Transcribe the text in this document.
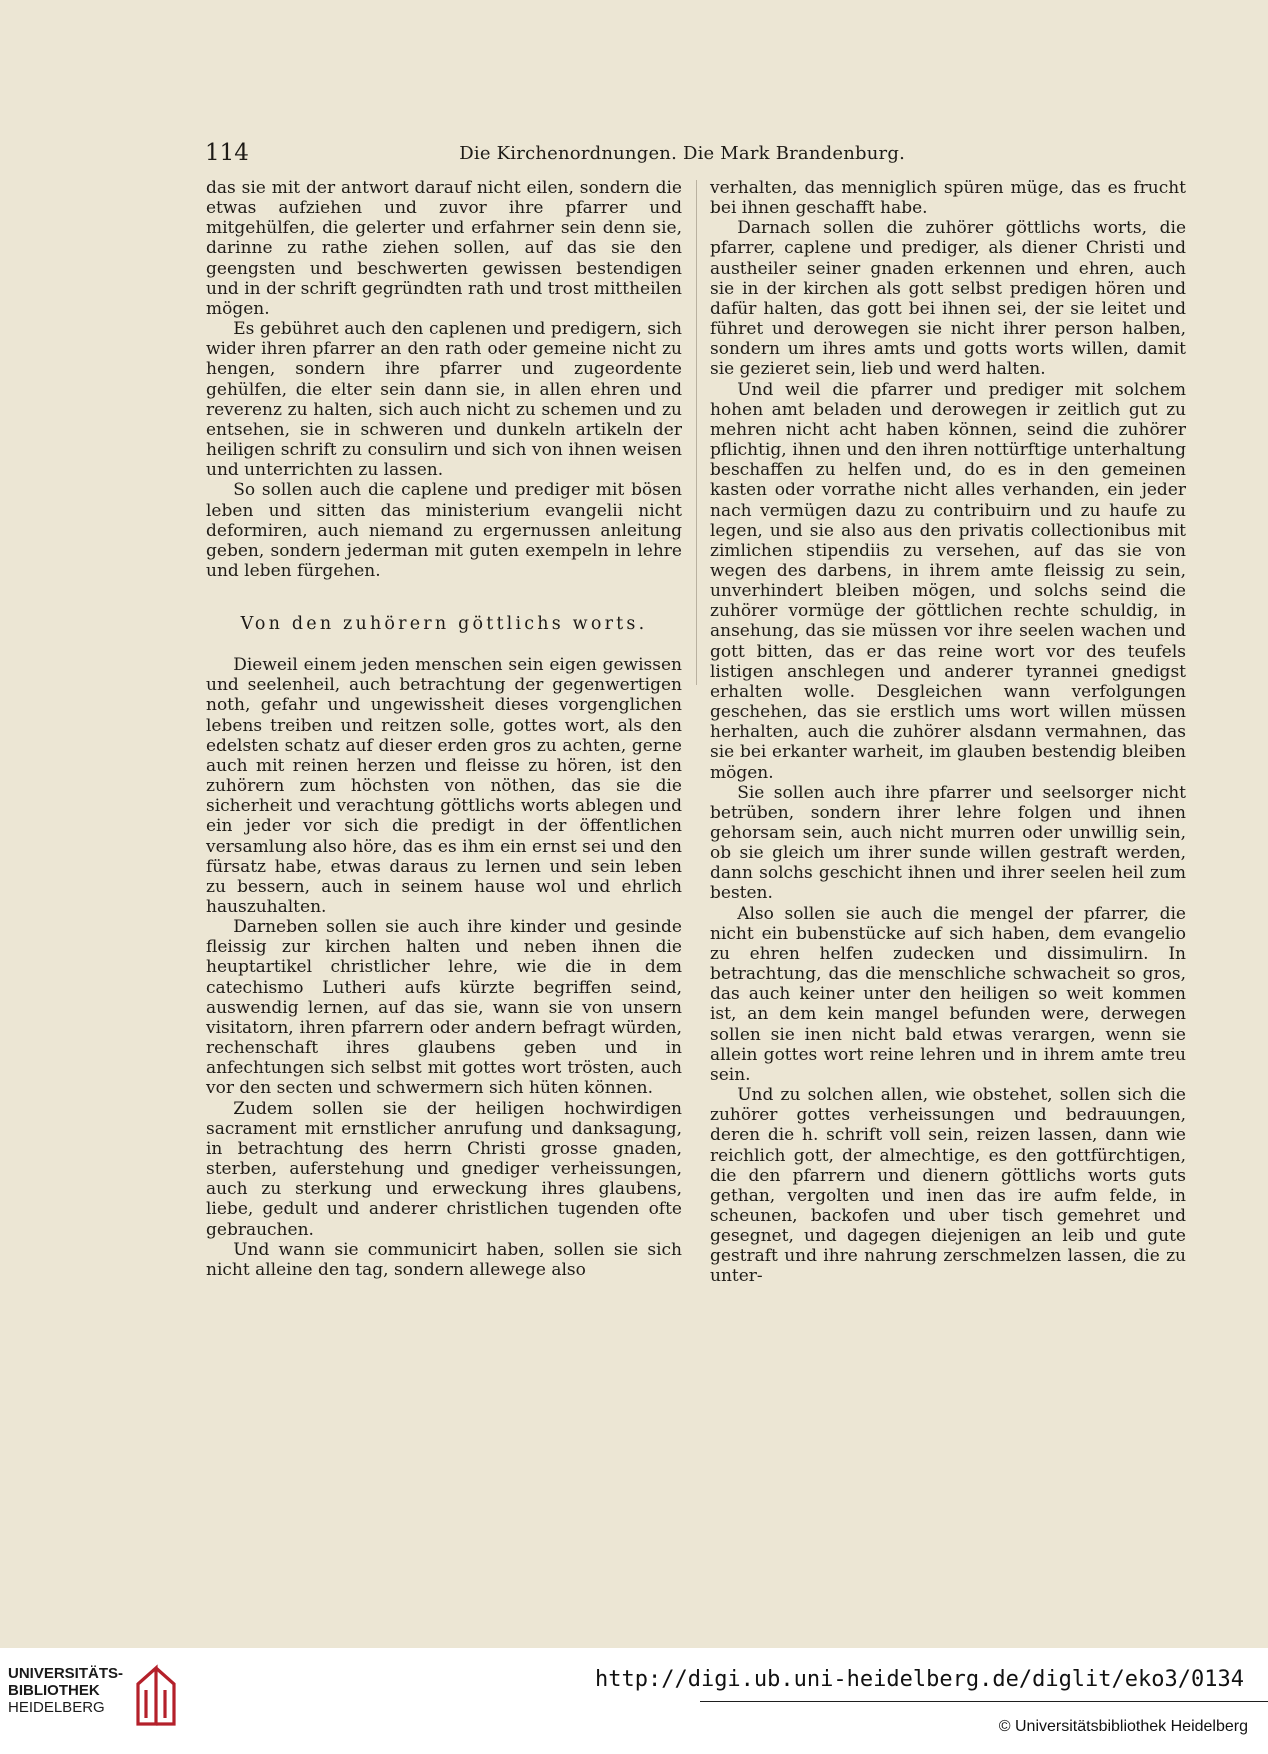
114	Die Kirchenordnungen. Die Mark Brandenburg.

das sie mit der antwort darauf nicht eilen, sondern die etwas aufziehen und zuvor ihre pfarrer und mitgehülfen, die gelerter und erfahrner sein denn sie, darinne zu rathe ziehen sollen, auf das sie den geengsten und beschwerten gewissen bestendigen und in der schrift gegründten rath und trost mittheilen mögen.

Es gebühret auch den caplenen und predigern, sich wider ihren pfarrer an den rath oder gemeine nicht zu hengen, sondern ihre pfarrer und zugeordente gehülfen, die elter sein dann sie, in allen ehren und reverenz zu halten, sich auch nicht zu schemen und zu entsehen, sie in schweren und dunkeln artikeln der heiligen schrift zu consulirn und sich von ihnen weisen und unterrichten zu lassen.

So sollen auch die caplene und prediger mit bösen leben und sitten das ministerium evangelii nicht deformiren, auch niemand zu ergernussen anleitung geben, sondern jederman mit guten exempeln in lehre und leben fürgehen.

Von den zuhörern göttlichs worts.

Dieweil einem jeden menschen sein eigen gewissen und seelenheil, auch betrachtung der gegenwertigen noth, gefahr und ungewissheit dieses vorgenglichen lebens treiben und reitzen solle, gottes wort, als den edelsten schatz auf dieser erden gros zu achten, gerne auch mit reinen herzen und fleisse zu hören, ist den zuhörern zum höchsten von nöthen, das sie die sicherheit und verachtung göttlichs worts ablegen und ein jeder vor sich die predigt in der öffentlichen versamlung also höre, das es ihm ein ernst sei und den fürsatz habe, etwas daraus zu lernen und sein leben zu bessern, auch in seinem hause wol und ehrlich hauszuhalten.

Darneben sollen sie auch ihre kinder und gesinde fleissig zur kirchen halten und neben ihnen die heuptartikel christlicher lehre, wie die in dem catechismo Lutheri aufs kürzte begriffen seind, auswendig lernen, auf das sie, wann sie von unsern visitatorn, ihren pfarrern oder andern befragt würden, rechenschaft ihres glaubens geben und in anfechtungen sich selbst mit gottes wort trösten, auch vor den secten und schwermern sich hüten können.

Zudem sollen sie der heiligen hochwirdigen sacrament mit ernstlicher anrufung und danksagung, in betrachtung des herrn Christi grosse gnaden, sterben, auferstehung und gnediger verheissungen, auch zu sterkung und erweckung ihres glaubens, liebe, gedult und anderer christlichen tugenden ofte gebrauchen.

Und wann sie communicirt haben, sollen sie sich nicht alleine den tag, sondern allewege also

verhalten, das menniglich spüren müge, das es frucht bei ihnen geschafft habe.

Darnach sollen die zuhörer göttlichs worts, die pfarrer, caplene und prediger, als diener Christi und austheiler seiner gnaden erkennen und ehren, auch sie in der kirchen als gott selbst predigen hören und dafür halten, das gott bei ihnen sei, der sie leitet und führet und derowegen sie nicht ihrer person halben, sondern um ihres amts und gotts worts willen, damit sie gezieret sein, lieb und werd halten.

Und weil die pfarrer und prediger mit solchem hohen amt beladen und derowegen ir zeitlich gut zu mehren nicht acht haben können, seind die zuhörer pflichtig, ihnen und den ihren nottürftige unterhaltung beschaffen zu helfen und, do es in den gemeinen kasten oder vorrathe nicht alles verhanden, ein jeder nach vermügen dazu zu contribuirn und zu haufe zu legen, und sie also aus den privatis collectionibus mit zimlichen stipendiis zu versehen, auf das sie von wegen des darbens, in ihrem amte fleissig zu sein, unverhindert bleiben mögen, und solchs seind die zuhörer vormüge der göttlichen rechte schuldig, in ansehung, das sie müssen vor ihre seelen wachen und gott bitten, das er das reine wort vor des teufels listigen anschlegen und anderer tyrannei gnedigst erhalten wolle. Desgleichen wann verfolgungen geschehen, das sie erstlich ums wort willen müssen herhalten, auch die zuhörer alsdann vermahnen, das sie bei erkanter warheit, im glauben bestendig bleiben mögen.

Sie sollen auch ihre pfarrer und seelsorger nicht betrüben, sondern ihrer lehre folgen und ihnen gehorsam sein, auch nicht murren oder unwillig sein, ob sie gleich um ihrer sunde willen gestraft werden, dann solchs geschicht ihnen und ihrer seelen heil zum besten.

Also sollen sie auch die mengel der pfarrer, die nicht ein bubenstücke auf sich haben, dem evangelio zu ehren helfen zudecken und dissimulirn. In betrachtung, das die menschliche schwacheit so gros, das auch keiner unter den heiligen so weit kommen ist, an dem kein mangel befunden were, derwegen sollen sie inen nicht bald etwas verargen, wenn sie allein gottes wort reine lehren und in ihrem amte treu sein.

Und zu solchen allen, wie obstehet, sollen sich die zuhörer gottes verheissungen und bedrauungen, deren die h. schrift voll sein, reizen lassen, dann wie reichlich gott, der almechtige, es den gottfürchtigen, die den pfarrern und dienern göttlichs worts guts gethan, vergolten und inen das ire aufm felde, in scheunen, backofen und uber tisch gemehret und gesegnet, und dagegen diejenigen an leib und gute gestraft und ihre nahrung zerschmelzen lassen, die zu unter-

UNIVERSITÄTS-
BIBLIOTHEK
HEIDELBERG
http://digi.ub.uni-heidelberg.de/diglit/eko3/0134
© Universitätsbibliothek Heidelberg
